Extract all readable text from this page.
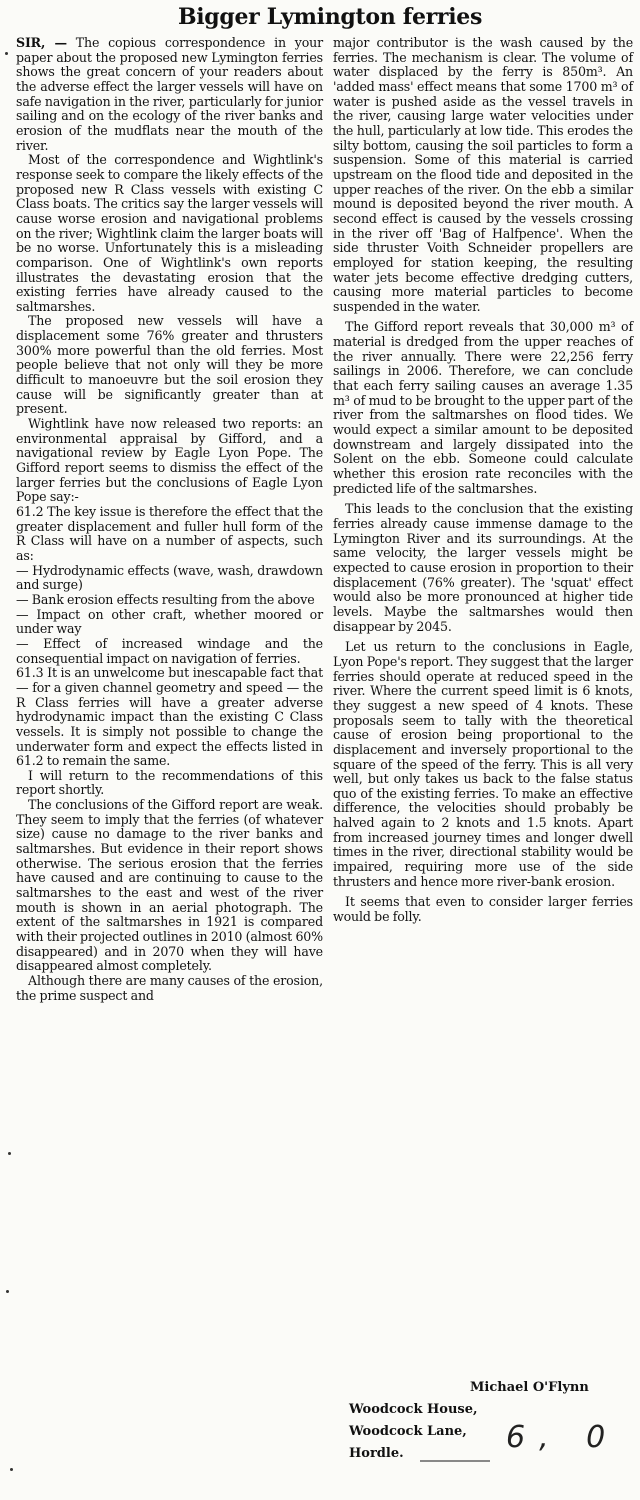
Bigger Lymington ferries

SIR, — The copious correspondence in your paper about the proposed new Lymington ferries shows the great concern of your readers about the adverse effect the larger vessels will have on safe navigation in the river, particularly for junior sailing and on the ecology of the river banks and erosion of the mudflats near the mouth of the river.

Most of the correspondence and Wightlink's response seek to compare the likely effects of the proposed new R Class vessels with existing C Class boats. The critics say the larger vessels will cause worse erosion and navigational problems on the river; Wightlink claim the larger boats will be no worse. Unfortunately this is a misleading comparison. One of Wightlink's own reports illustrates the devastating erosion that the existing ferries have already caused to the saltmarshes.

The proposed new vessels will have a displacement some 76% greater and thrusters 300% more powerful than the old ferries. Most people believe that not only will they be more difficult to manoeuvre but the soil erosion they cause will be significantly greater than at present.

Wightlink have now released two reports: an environmental appraisal by Gifford, and a navigational review by Eagle Lyon Pope. The Gifford report seems to dismiss the effect of the larger ferries but the conclusions of Eagle Lyon Pope say:-

61.2 The key issue is therefore the effect that the greater displacement and fuller hull form of the R Class will have on a number of aspects, such as:

— Hydrodynamic effects (wave, wash, drawdown and surge)

— Bank erosion effects resulting from the above

— Impact on other craft, whether moored or under way

— Effect of increased windage and the consequential impact on navigation of ferries.

61.3 It is an unwelcome but inescapable fact that — for a given channel geometry and speed — the R Class ferries will have a greater adverse hydrodynamic impact than the existing C Class vessels. It is simply not possible to change the underwater form and expect the effects listed in 61.2 to remain the same.

I will return to the recommendations of this report shortly.

The conclusions of the Gifford report are weak. They seem to imply that the ferries (of whatever size) cause no damage to the river banks and saltmarshes. But evidence in their report shows otherwise. The serious erosion that the ferries have caused and are continuing to cause to the saltmarshes to the east and west of the river mouth is shown in an aerial photograph. The extent of the saltmarshes in 1921 is compared with their projected outlines in 2010 (almost 60% disappeared) and in 2070 when they will have disappeared almost completely.

Although there are many causes of the erosion, the prime suspect and

major contributor is the wash caused by the ferries. The mechanism is clear. The volume of water displaced by the ferry is 850m³. An 'added mass' effect means that some 1700 m³ of water is pushed aside as the vessel travels in the river, causing large water velocities under the hull, particularly at low tide. This erodes the silty bottom, causing the soil particles to form a suspension. Some of this material is carried upstream on the flood tide and deposited in the upper reaches of the river. On the ebb a similar mound is deposited beyond the river mouth. A second effect is caused by the vessels crossing in the river off 'Bag of Halfpence'. When the side thruster Voith Schneider propellers are employed for station keeping, the resulting water jets become effective dredging cutters, causing more material particles to become suspended in the water.

The Gifford report reveals that 30,000 m³ of material is dredged from the upper reaches of the river annually. There were 22,256 ferry sailings in 2006. Therefore, we can conclude that each ferry sailing causes an average 1.35 m³ of mud to be brought to the upper part of the river from the saltmarshes on flood tides. We would expect a similar amount to be deposited downstream and largely dissipated into the Solent on the ebb. Someone could calculate whether this erosion rate reconciles with the predicted life of the saltmarshes.

This leads to the conclusion that the existing ferries already cause immense damage to the Lymington River and its surroundings. At the same velocity, the larger vessels might be expected to cause erosion in proportion to their displacement (76% greater). The 'squat' effect would also be more pronounced at higher tide levels. Maybe the saltmarshes would then disappear by 2045.

Let us return to the conclusions in Eagle, Lyon Pope's report. They suggest that the larger ferries should operate at reduced speed in the river. Where the current speed limit is 6 knots, they suggest a new speed of 4 knots. These proposals seem to tally with the theoretical cause of erosion being proportional to the displacement and inversely proportional to the square of the speed of the ferry. This is all very well, but only takes us back to the false status quo of the existing ferries. To make an effective difference, the velocities should probably be halved again to 2 knots and 1.5 knots. Apart from increased journey times and longer dwell times in the river, directional stability would be impaired, requiring more use of the side thrusters and hence more river-bank erosion.

It seems that even to consider larger ferries would be folly.

Michael O'Flynn
Woodcock House,
Woodcock Lane,
Hordle.	6, 0
